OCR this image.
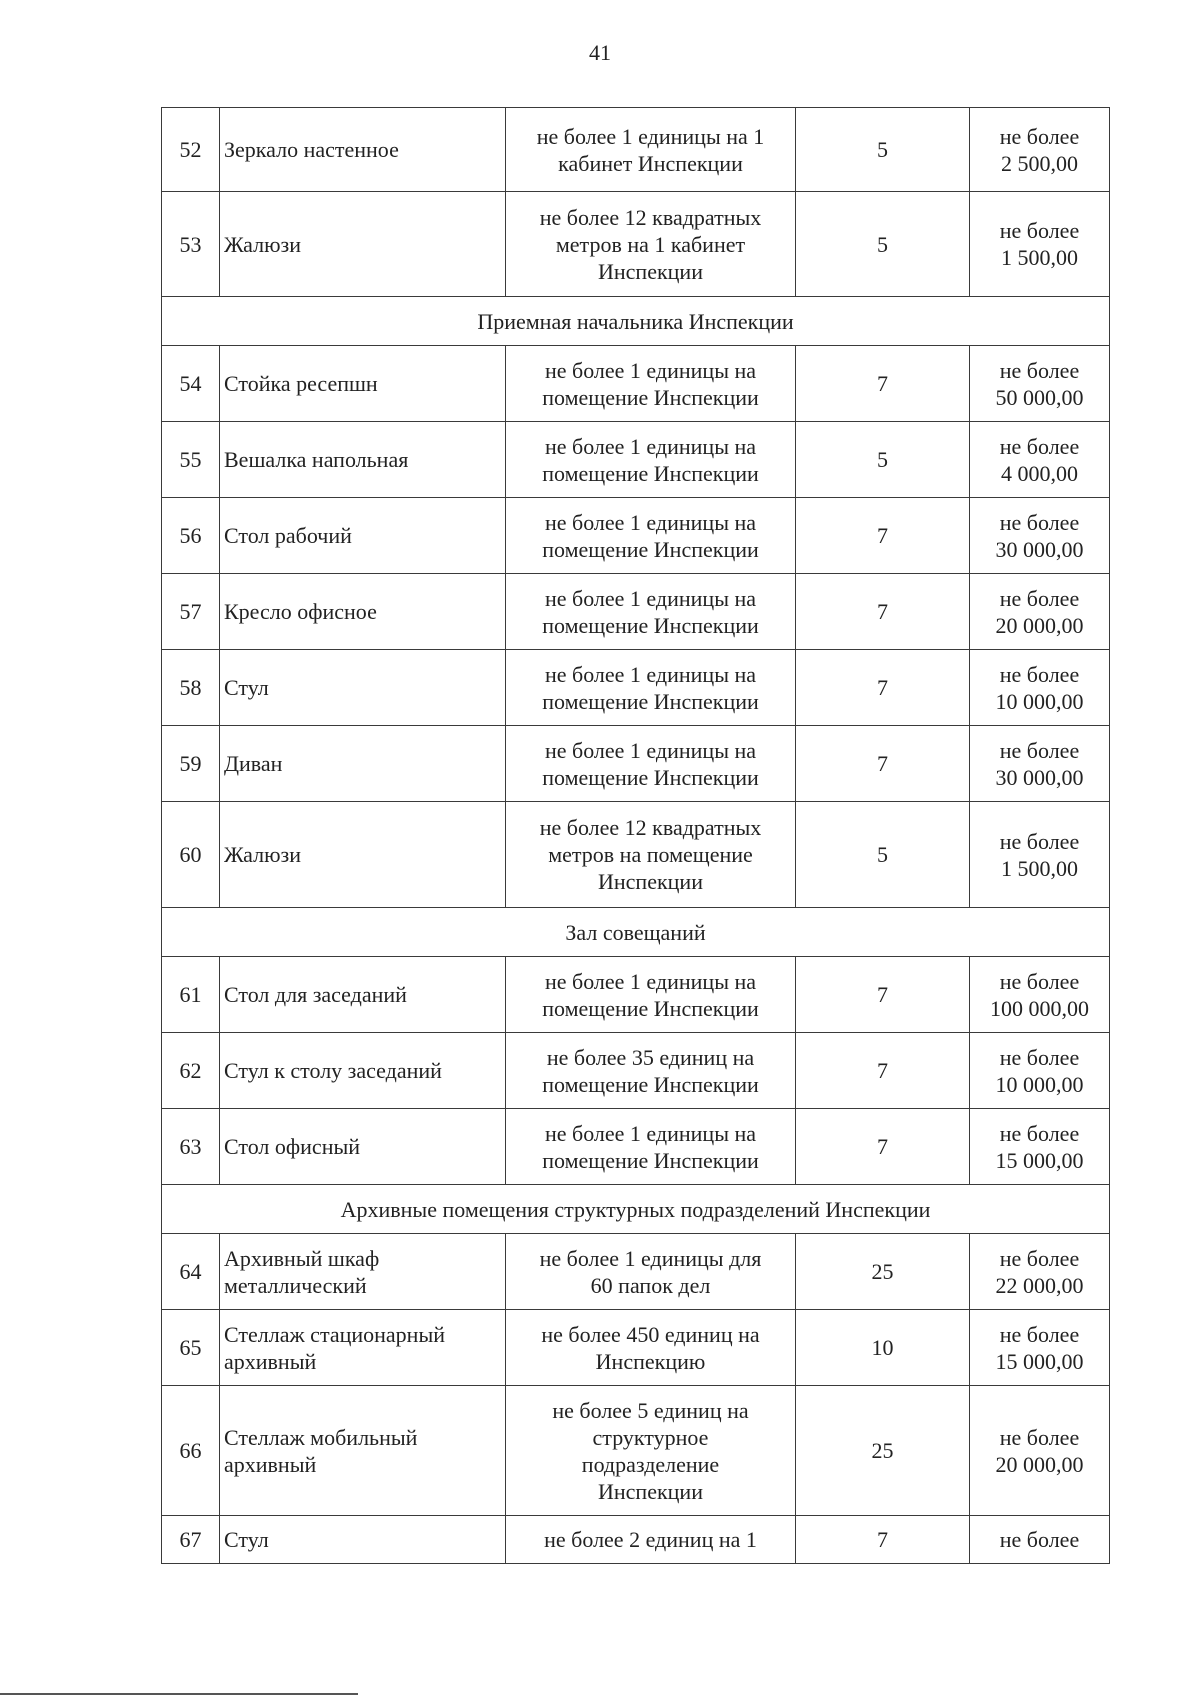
41
52	Зеркало настенное	не более 1 единицы на 1
кабинет Инспекции	5	не более
2 500,00

53	Жалюзи	не более 12 квадратных
метров на 1 кабинет
Инспекции	5	не более
1 500,00

Приемная начальника Инспекции				
54	Стойка ресепшн	не более 1 единицы на
помещение Инспекции	7	не более
50 000,00

55	Вешалка напольная	не более 1 единицы на
помещение Инспекции	5	не более
4 000,00

56	Стол рабочий	не более 1 единицы на
помещение Инспекции	7	не более
30 000,00

57	Кресло офисное	не более 1 единицы на
помещение Инспекции	7	не более
20 000,00

58	Стул	не более 1 единицы на
помещение Инспекции	7	не более
10 000,00

59	Диван	не более 1 единицы на
помещение Инспекции	7	не более
30 000,00

60	Жалюзи	не более 12 квадратных
метров на помещение
Инспекции	5	не более
1 500,00

Зал совещаний				
61	Стол для заседаний	не более 1 единицы на
помещение Инспекции	7	не более
100 000,00

62	Стул к столу заседаний	не более 35 единиц на
помещение Инспекции	7	не более
10 000,00

63	Стол офисный	не более 1 единицы на
помещение Инспекции	7	не более
15 000,00

Архивные помещения структурных подразделений Инспекции				
64	Архивный шкаф
металлический	не более 1 единицы для
60 папок дел	25	не более
22 000,00

65	Стеллаж стационарный
архивный	не более 450 единиц на
Инспекцию	10	не более
15 000,00

66	Стеллаж мобильный
архивный	не более 5 единиц на
структурное
подразделение
Инспекции	25	не более
20 000,00

67	Стул	не более 2 единиц на 1	7	не более
